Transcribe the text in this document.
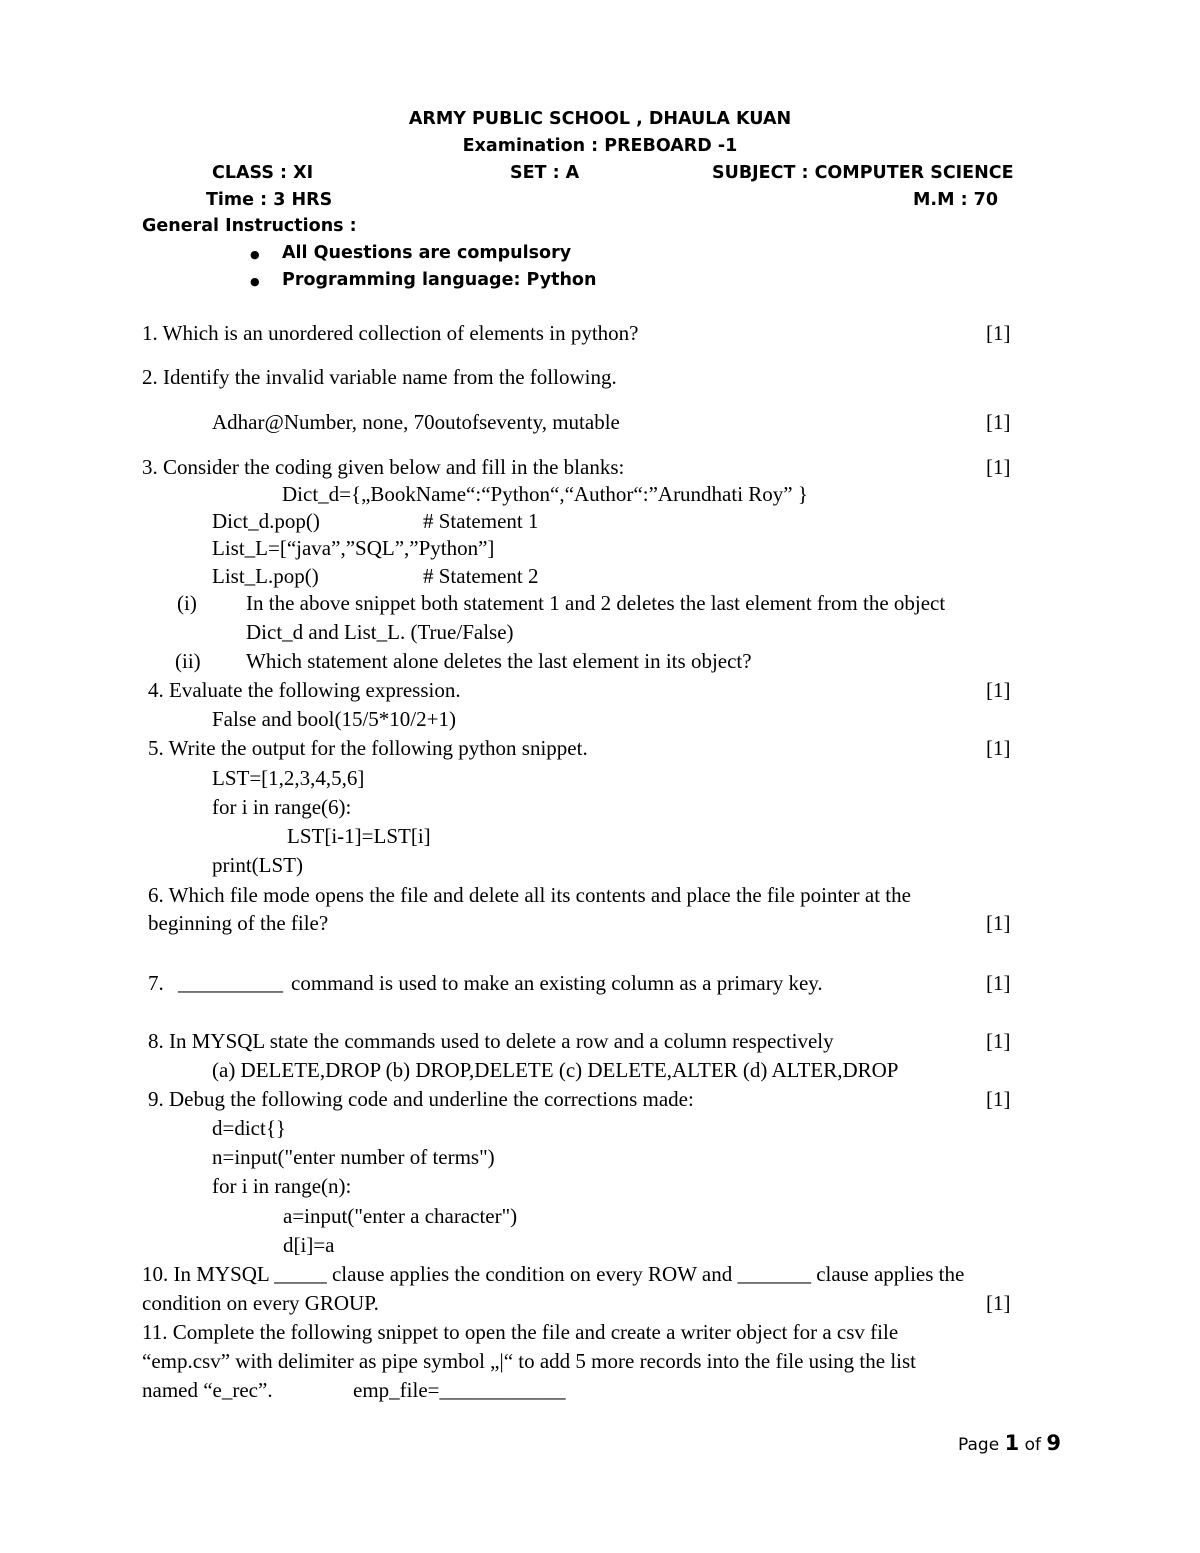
ARMY PUBLIC SCHOOL , DHAULA KUAN
Examination : PREBOARD -1
CLASS : XI	SET : A	SUBJECT : COMPUTER SCIENCE
Time : 3 HRS	M.M : 70
General Instructions :
● All Questions are compulsory
● Programming language: Python
1. Which is an unordered collection of elements in python?	[1]
2. Identify the invalid variable name from the following.
Adhar@Number, none, 70outofseventy, mutable	[1]
3. Consider the coding given below and fill in the blanks:	[1]
Dict_d={„BookName“:“Python“,“Author“:”Arundhati Roy” }
Dict_d.pop()	# Statement 1
List_L=[“java”,”SQL”,”Python”]
List_L.pop()	# Statement 2
(i) In the above snippet both statement 1 and 2 deletes the last element from the object
Dict_d and List_L. (True/False)
(ii) Which statement alone deletes the last element in its object?
4. Evaluate the following expression.	[1]
False and bool(15/5*10/2+1)
5. Write the output for the following python snippet.	[1]
LST=[1,2,3,4,5,6]
for i in range(6):
LST[i-1]=LST[i]
print(LST)
6. Which file mode opens the file and delete all its contents and place the file pointer at the
beginning of the file?	[1]
7. __________ command is used to make an existing column as a primary key.	[1]
8. In MYSQL state the commands used to delete a row and a column respectively	[1]
(a) DELETE,DROP (b) DROP,DELETE (c) DELETE,ALTER (d) ALTER,DROP
9. Debug the following code and underline the corrections made:	[1]
d=dict{}
n=input("enter number of terms")
for i in range(n):
a=input("enter a character")
d[i]=a
10. In MYSQL _____ clause applies the condition on every ROW and _______ clause applies the
condition on every GROUP.	[1]
11. Complete the following snippet to open the file and create a writer object for a csv file
“emp.csv” with delimiter as pipe symbol „|“ to add 5 more records into the file using the list
named “e_rec”.	emp_file=____________
Page 1 of 9
